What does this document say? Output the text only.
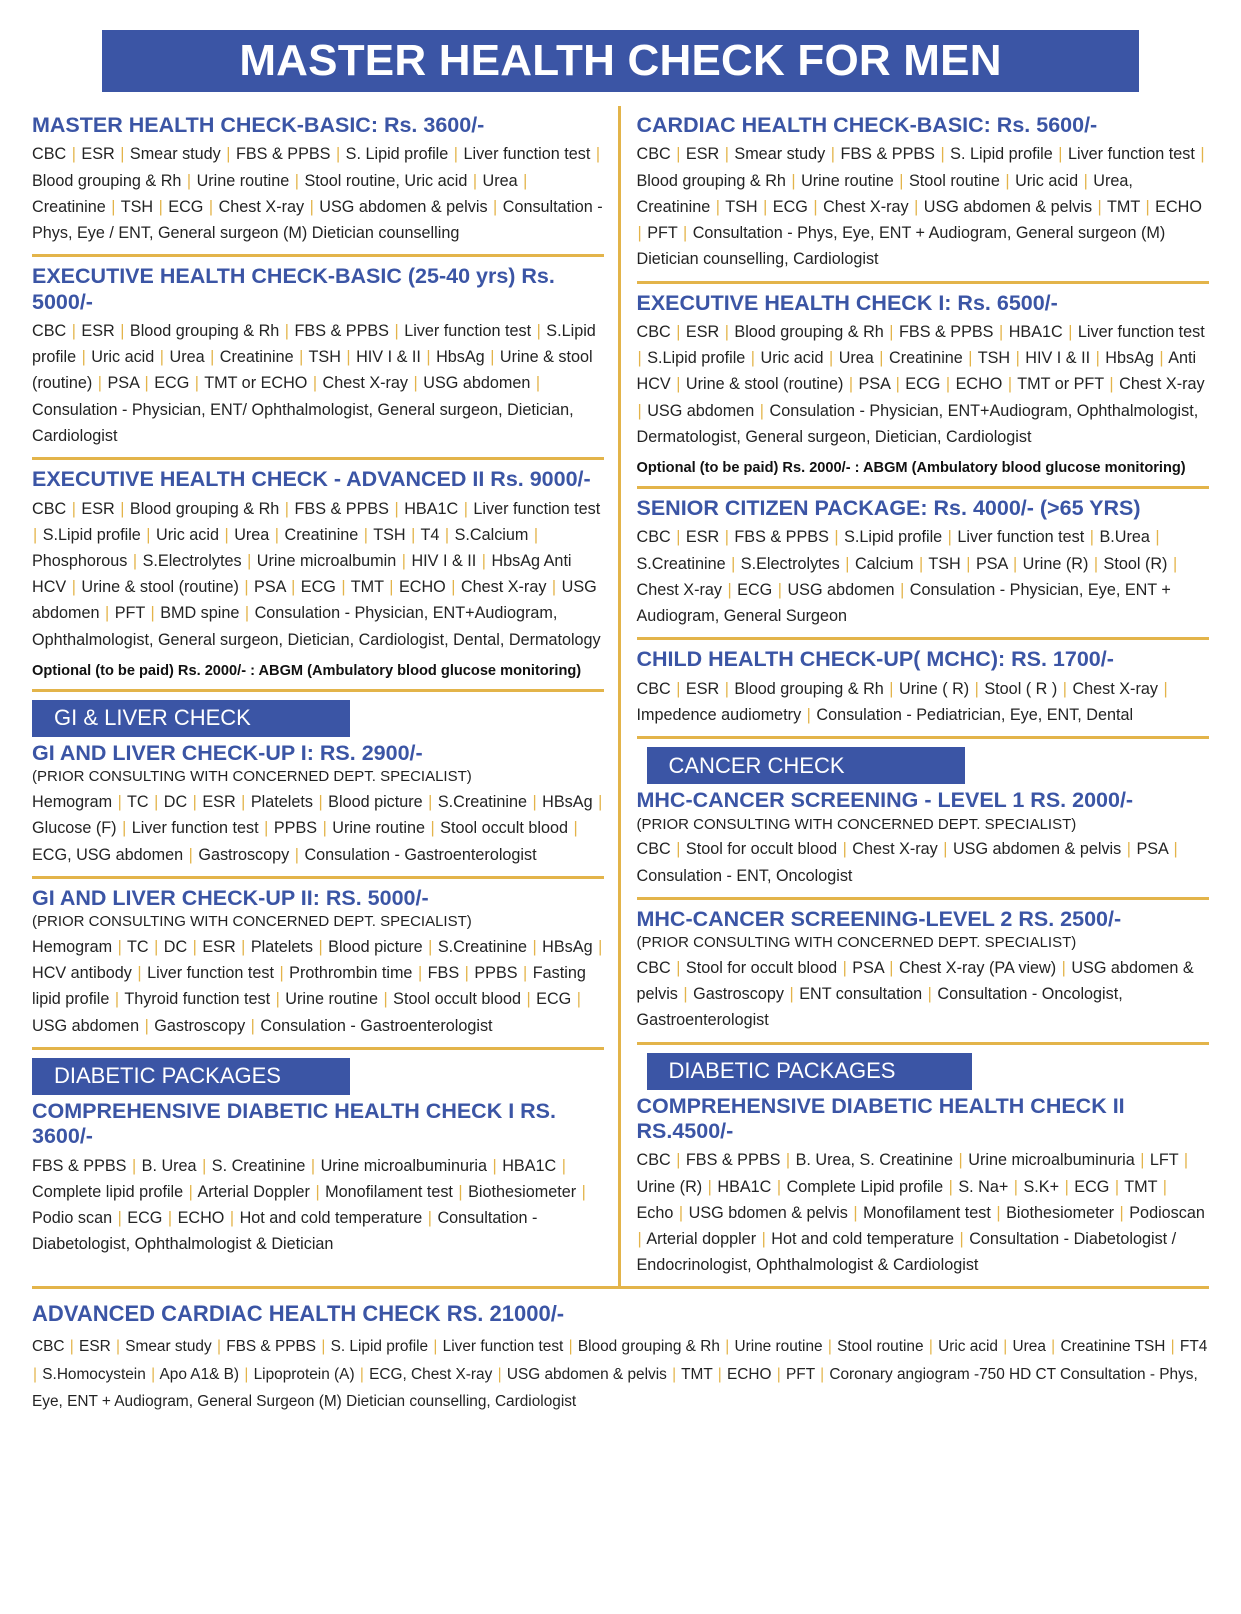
MASTER HEALTH CHECK FOR MEN
MASTER HEALTH CHECK-BASIC: Rs. 3600/-
CBC | ESR | Smear study | FBS & PPBS | S. Lipid profile | Liver function test | Blood grouping & Rh | Urine routine | Stool routine, Uric acid | Urea | Creatinine | TSH | ECG | Chest X-ray | USG abdomen & pelvis | Consultation - Phys, Eye / ENT, General surgeon (M) Dietician counselling
EXECUTIVE HEALTH CHECK-BASIC (25-40 yrs) Rs. 5000/-
CBC | ESR | Blood grouping & Rh | FBS & PPBS | Liver function test | S.Lipid profile | Uric acid | Urea | Creatinine | TSH | HIV I & II | HbsAg | Urine & stool (routine) | PSA | ECG | TMT or ECHO | Chest X-ray | USG abdomen | Consulation - Physician, ENT/ Ophthalmologist, General surgeon, Dietician, Cardiologist
EXECUTIVE HEALTH CHECK - ADVANCED II Rs. 9000/-
CBC | ESR | Blood grouping & Rh | FBS & PPBS | HBA1C | Liver function test | S.Lipid profile | Uric acid | Urea | Creatinine | TSH | T4 | S.Calcium | Phosphorous | S.Electrolytes | Urine microalbumin | HIV I & II | HbsAg Anti HCV | Urine & stool (routine) | PSA | ECG | TMT | ECHO | Chest X-ray | USG abdomen | PFT | BMD spine | Consulation - Physician, ENT+Audiogram, Ophthalmologist, General surgeon, Dietician, Cardiologist, Dental, Dermatology
Optional (to be paid) Rs. 2000/- : ABGM (Ambulatory blood glucose monitoring)
GI & LIVER CHECK
GI AND LIVER CHECK-UP I: RS. 2900/-
(PRIOR CONSULTING WITH CONCERNED DEPT. SPECIALIST)
Hemogram | TC | DC | ESR | Platelets | Blood picture | S.Creatinine | HBsAg | Glucose (F) | Liver function test | PPBS | Urine routine | Stool occult blood | ECG, USG abdomen | Gastroscopy | Consulation - Gastroenterologist
GI AND LIVER CHECK-UP II: RS. 5000/-
(PRIOR CONSULTING WITH CONCERNED DEPT. SPECIALIST)
Hemogram | TC | DC | ESR | Platelets | Blood picture | S.Creatinine | HBsAg | HCV antibody | Liver function test | Prothrombin time | FBS | PPBS | Fasting lipid profile | Thyroid function test | Urine routine | Stool occult blood | ECG | USG abdomen | Gastroscopy | Consulation - Gastroenterologist
DIABETIC PACKAGES
COMPREHENSIVE DIABETIC HEALTH CHECK I RS. 3600/-
FBS & PPBS | B. Urea | S. Creatinine | Urine microalbuminuria | HBA1C | Complete lipid profile | Arterial Doppler | Monofilament test | Biothesiometer | Podio scan | ECG | ECHO | Hot and cold temperature | Consultation - Diabetologist, Ophthalmologist & Dietician
CARDIAC HEALTH CHECK-BASIC: Rs. 5600/-
CBC | ESR | Smear study | FBS & PPBS | S. Lipid profile | Liver function test | Blood grouping & Rh | Urine routine | Stool routine | Uric acid | Urea, Creatinine | TSH | ECG | Chest X-ray | USG abdomen & pelvis | TMT | ECHO | PFT | Consultation - Phys, Eye, ENT + Audiogram, General surgeon (M) Dietician counselling, Cardiologist
EXECUTIVE HEALTH CHECK I: Rs. 6500/-
CBC | ESR | Blood grouping & Rh | FBS & PPBS | HBA1C | Liver function test | S.Lipid profile | Uric acid | Urea | Creatinine | TSH | HIV I & II | HbsAg | Anti HCV | Urine & stool (routine) | PSA | ECG | ECHO | TMT or PFT | Chest X-ray | USG abdomen | Consulation - Physician, ENT+Audiogram, Ophthalmologist, Dermatologist, General surgeon, Dietician, Cardiologist
Optional (to be paid) Rs. 2000/- : ABGM (Ambulatory blood glucose monitoring)
SENIOR CITIZEN PACKAGE: Rs. 4000/- (>65 YRS)
CBC | ESR | FBS & PPBS | S.Lipid profile | Liver function test | B.Urea | S.Creatinine | S.Electrolytes | Calcium | TSH | PSA | Urine (R) | Stool (R) | Chest X-ray | ECG | USG abdomen | Consulation - Physician, Eye, ENT + Audiogram, General Surgeon
CHILD HEALTH CHECK-UP( MCHC): RS. 1700/-
CBC | ESR | Blood grouping & Rh | Urine ( R) | Stool ( R ) | Chest X-ray | Impedence audiometry | Consulation - Pediatrician, Eye, ENT, Dental
CANCER CHECK
MHC-CANCER SCREENING - LEVEL 1 RS. 2000/-
(PRIOR CONSULTING WITH CONCERNED DEPT. SPECIALIST)
CBC | Stool for occult blood | Chest X-ray | USG abdomen & pelvis | PSA | Consulation - ENT, Oncologist
MHC-CANCER SCREENING-LEVEL 2 RS. 2500/-
(PRIOR CONSULTING WITH CONCERNED DEPT. SPECIALIST)
CBC | Stool for occult blood | PSA | Chest X-ray (PA view) | USG abdomen & pelvis | Gastroscopy | ENT consultation | Consultation - Oncologist, Gastroenterologist
DIABETIC PACKAGES
COMPREHENSIVE DIABETIC HEALTH CHECK II RS.4500/-
CBC | FBS & PPBS | B. Urea, S. Creatinine | Urine microalbuminuria | LFT | Urine (R) | HBA1C | Complete Lipid profile | S. Na+ | S.K+ | ECG | TMT | Echo | USG bdomen & pelvis | Monofilament test | Biothesiometer | Podioscan | Arterial doppler | Hot and cold temperature | Consultation - Diabetologist / Endocrinologist, Ophthalmologist & Cardiologist
ADVANCED CARDIAC HEALTH CHECK RS. 21000/-
CBC | ESR | Smear study | FBS & PPBS | S. Lipid profile | Liver function test | Blood grouping & Rh | Urine routine | Stool routine | Uric acid | Urea | Creatinine TSH | FT4 | S.Homocystein | Apo A1& B) | Lipoprotein (A) | ECG, Chest X-ray | USG abdomen & pelvis | TMT | ECHO | PFT | Coronary angiogram -750 HD CT Consultation - Phys, Eye, ENT + Audiogram, General Surgeon (M) Dietician counselling, Cardiologist
